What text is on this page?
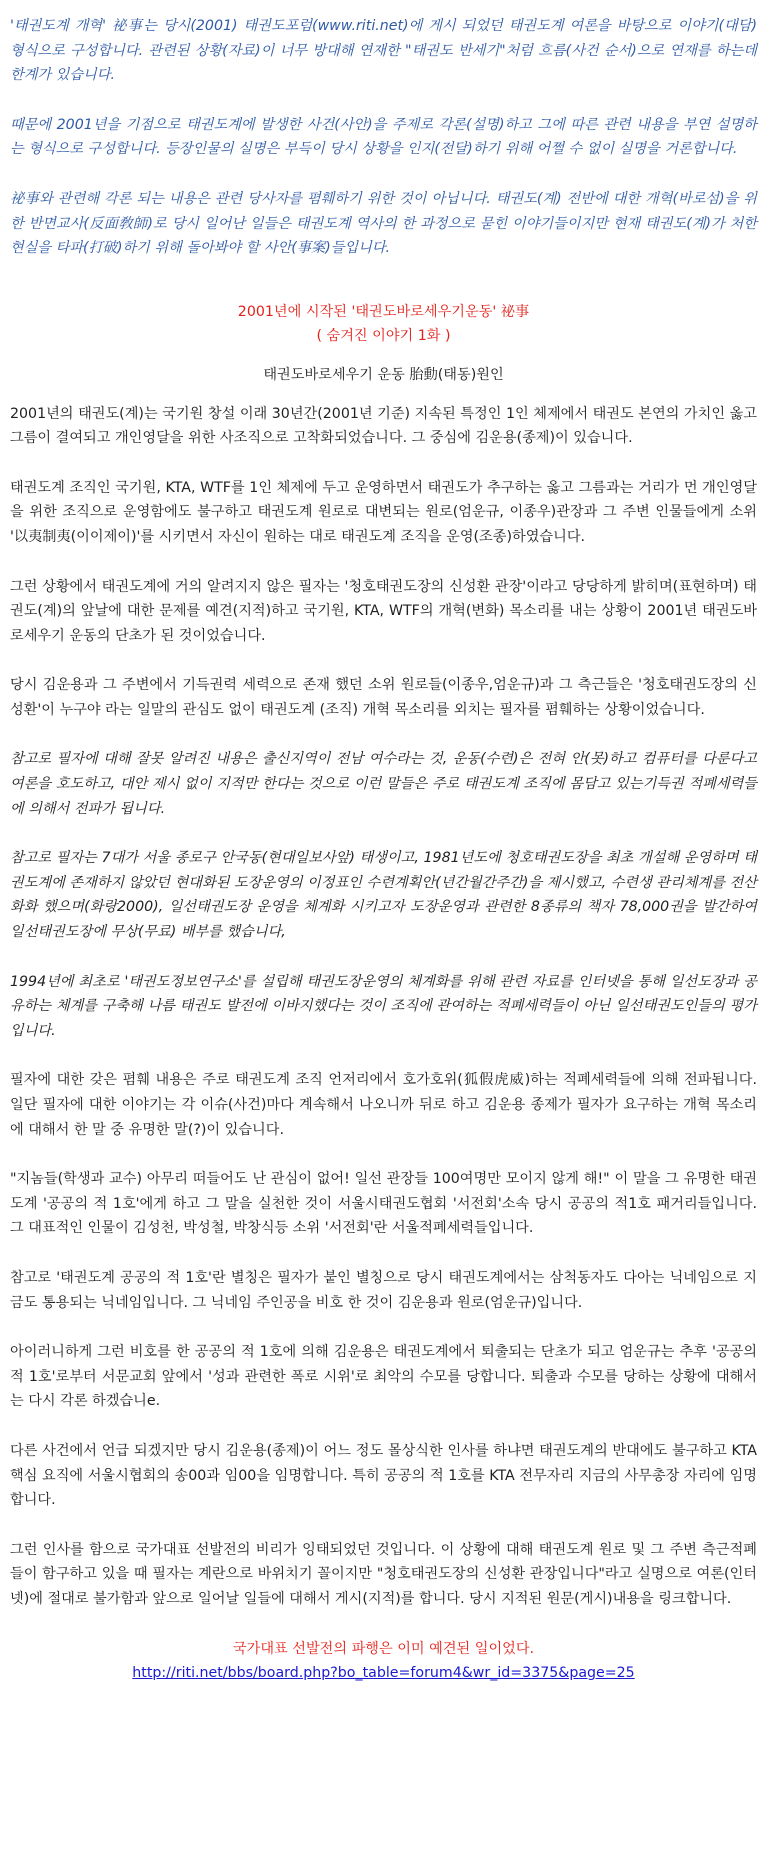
'태권도계 개혁' 祕事는 당시(2001) 태권도포럼(www.riti.net)에 게시 되었던 태권도계 여론을 바탕으로 이야기(대담) 형식으로 구성합니다. 관련된 상황(자료)이 너무 방대해 연재한 "태권도 반세기"처럼 흐름(사건 순서)으로 연재를 하는데 한계가 있습니다.

때문에 2001년을 기점으로 태권도계에 발생한 사건(사안)을 주제로 각론(설명)하고 그에 따른 관련 내용을 부연 설명하는 형식으로 구성합니다. 등장인물의 실명은 부득이 당시 상황을 인지(전달)하기 위해 어쩔 수 없이 실명을 거론합니다.

祕事와 관련해 각론 되는 내용은 관련 당사자를 폄훼하기 위한 것이 아닙니다. 태권도(계) 전반에 대한 개혁(바로섬)을 위한 반면교사(反面敎師)로 당시 일어난 일들은 태권도계 역사의 한 과정으로 묻힌 이야기들이지만 현재 태권도(계)가 처한 현실을 타파(打破)하기 위해 돌아봐야 할 사안(事案)들입니다.

2001년에 시작된 '태권도바로세우기운동' 祕事
( 숨겨진 이야기 1화 )
태권도바로세우기 운동 胎動(태동)원인

2001년의 태권도(계)는 국기원 창설 이래 30년간(2001년 기준) 지속된 특정인 1인 체제에서 태권도 본연의 가치인 옳고 그름이 결여되고 개인영달을 위한 사조직으로 고착화되었습니다. 그 중심에 김운용(종제)이 있습니다.

태권도계 조직인 국기원, KTA, WTF를 1인 체제에 두고 운영하면서 태권도가 추구하는 옳고 그름과는 거리가 먼 개인영달을 위한 조직으로 운영함에도 불구하고 태권도계 원로로 대변되는 원로(엄운규, 이종우)관장과 그 주변 인물들에게 소위 '以夷制夷(이이제이)'를 시키면서 자신이 원하는 대로 태권도계 조직을 운영(조종)하였습니다.

그런 상황에서 태권도계에 거의 알려지지 않은 필자는 '청호태권도장의 신성환 관장'이라고 당당하게 밝히며(표현하며) 태권도(계)의 앞날에 대한 문제를 예견(지적)하고 국기원, KTA, WTF의 개혁(변화) 목소리를 내는 상황이 2001년 태권도바로세우기 운동의 단초가 된 것이었습니다.

당시 김운용과 그 주변에서 기득권력 세력으로 존재 했던 소위 원로들(이종우,엄운규)과 그 측근들은 '청호태권도장의 신성환'이 누구야 라는 일말의 관심도 없이 태권도계 (조직) 개혁 목소리를 외치는 필자를 폄훼하는 상황이었습니다.

참고로 필자에 대해 잘못 알려진 내용은 출신지역이 전남 여수라는 것, 운동(수련)은 전혀 안(못)하고 컴퓨터를 다룬다고 여론을 호도하고, 대안 제시 없이 지적만 한다는 것으로 이런 말들은 주로 태권도계 조직에 몸담고 있는기득권 적폐세력들에 의해서 전파가 됩니다.

참고로 필자는 7대가 서울 종로구 안국동(현대일보사앞) 태생이고, 1981년도에 청호태권도장을 최초 개설해 운영하며 태권도계에 존재하지 않았던 현대화된 도장운영의 이정표인 수련계획안(년간월간주간)을 제시했고, 수련생 관리체계를 전산화화 했으며(화랑2000), 일선태권도장 운영을 체계화 시키고자 도장운영과 관련한 8종류의 책자 78,000권을 발간하여 일선태권도장에 무상(무료) 배부를 했습니다,

1994년에 최초로 '태권도정보연구소'를 설립해 태권도장운영의 체계화를 위해 관련 자료를 인터넷을 통해 일선도장과 공유하는 체계를 구축해 나름 태권도 발전에 이바지했다는 것이 조직에 관여하는 적폐세력들이 아닌 일선태권도인들의 평가입니다.

필자에 대한 갖은 폄훼 내용은 주로 태권도계 조직 언저리에서 호가호위(狐假虎威)하는 적폐세력들에 의해 전파됩니다. 일단 필자에 대한 이야기는 각 이슈(사건)마다 계속해서 나오니까 뒤로 하고 김운용 종제가 필자가 요구하는 개혁 목소리에 대해서 한 말 중 유명한 말(?)이 있습니다.

"지놈들(학생과 교수) 아무리 떠들어도 난 관심이 없어! 일선 관장들 100여명만 모이지 않게 해!" 이 말을 그 유명한 태권도계 '공공의 적 1호'에게 하고 그 말을 실천한 것이 서울시태권도협회 '서전회'소속 당시 공공의 적1호 패거리들입니다. 그 대표적인 인물이 김성천, 박성철, 박창식등 소위 '서전회'란 서울적폐세력들입니다.

참고로 '태권도계 공공의 적 1호'란 별칭은 필자가 붙인 별칭으로 당시 태권도계에서는 삼척동자도 다아는 닉네임으로 지금도 통용되는 닉네임입니다. 그 닉네임 주인공을 비호 한 것이 김운용과 원로(엄운규)입니다.

아이러니하게 그런 비호를 한 공공의 적 1호에 의해 김운용은 태권도계에서 퇴출되는 단초가 되고 엄운규는 추후 '공공의 적 1호'로부터 서문교회 앞에서 '성과 관련한 폭로 시위'로 최악의 수모를 당합니다. 퇴출과 수모를 당하는 상황에 대해서는 다시 각론 하겠습니e.

다른 사건에서 언급 되겠지만 당시 김운용(종제)이 어느 정도 몰상식한 인사를 하냐면 태권도계의 반대에도 불구하고 KTA 핵심 요직에 서울시협회의 송00과 임00을 임명합니다. 특히 공공의 적 1호를 KTA 전무자리 지금의 사무총장 자리에 임명합니다.

그런 인사를 함으로 국가대표 선발전의 비리가 잉태되었던 것입니다. 이 상황에 대해 태권도계 원로 및 그 주변 측근적폐들이 함구하고 있을 때 필자는 계란으로 바위치기 꼴이지만 "청호태권도장의 신성환 관장입니다"라고 실명으로 여론(인터넷)에 절대로 불가함과 앞으로 일어날 일들에 대해서 게시(지적)를 합니다. 당시 지적된 원문(게시)내용을 링크합니다.

국가대표 선발전의 파행은 이미 예견된 일이었다.
http://riti.net/bbs/board.php?bo_table=forum4&wr_id=3375&page=25
